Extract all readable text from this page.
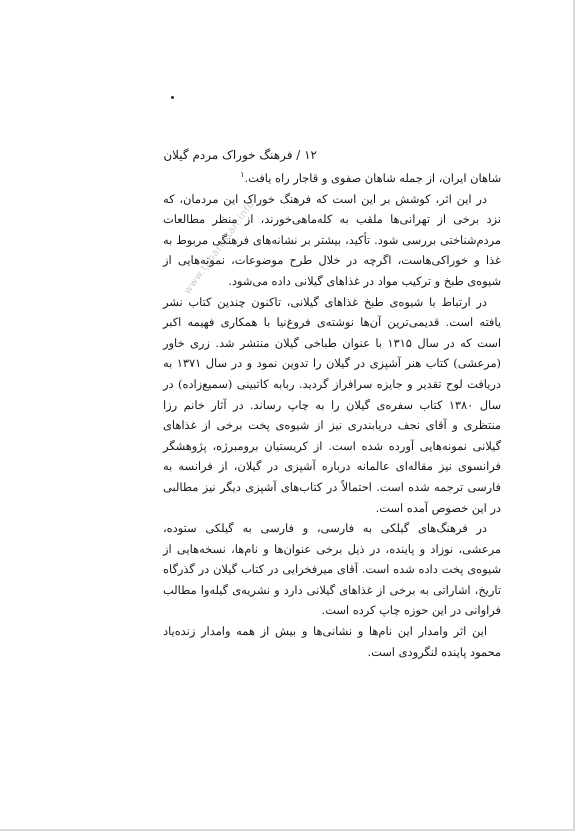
۱۲ / فرهنگ خوراک مردم گیلان
www.tabarestan.info

شاهان ایران، از جمله شاهان صفوی و قاجار راه یافت.$^۱$

در این اثر، کوشش بر این است که فرهنگ خوراک این مردمان، که نزد برخی از تهرانی‌ها ملقب به کله‌ماهی‌خورند، از منظر مطالعات مردم‌شناختی بررسی شود. تأکید، بیشتر بر نشانه‌های فرهنگی مربوط به غذا و خوراکی‌هاست، اگرچه در خلال طرح موضوعات، نمونه‌هایی از شیوه‌ی طبخ و ترکیب مواد در غذاهای گیلانی داده می‌شود.

در ارتباط با شیوه‌ی طبخ غذاهای گیلانی، تاکنون چندین کتاب نشر یافته است. قدیمی‌ترین آن‌ها نوشته‌ی فروغ‌نیا با همکاری فهیمه اکبر است که در سال ۱۳۱۵ با عنوان طباخی گیلان منتشر شد. زری خاور (مرعشی) کتاب هنر آشپزی در گیلان را تدوین نمود و در سال ۱۳۷۱ به دریافت لوح تقدیر و جایزه سرافراز گردید. ربابه کاتبینی (سمیع‌زاده) در سال ۱۳۸۰ کتاب سفره‌ی گیلان را به چاپ رساند. در آثار خانم رزا منتظری و آقای نجف دریابندری نیز از شیوه‌ی پخت برخی از غذاهای گیلانی نمونه‌هایی آورده شده است. از کریستیان برومبرژه، پژوهشگر فرانسوی نیز مقاله‌ای عالمانه درباره آشپزی در گیلان، از فرانسه به فارسی ترجمه شده است. احتمالاً در کتاب‌های آشپزی دیگر نیز مطالبی در این خصوص آمده است.

در فرهنگ‌های گیلکی به فارسی، و فارسی به گیلکی ستوده، مرعشی، نوزاد و پاینده، در ذیل برخی عنوان‌ها و نام‌ها، نسخه‌هایی از شیوه‌ی پخت داده شده است. آقای میرفخرایی در کتاب گیلان در گذرگاه تاریخ، اشاراتی به برخی از غذاهای گیلانی دارد و نشریه‌ی گیله‌وا مطالب فراوانی در این حوزه چاپ کرده است.

این اثر وامدار این نام‌ها و نشانی‌ها و بیش از همه وامدار زنده‌یاد محمود پاینده لنگرودی است.
